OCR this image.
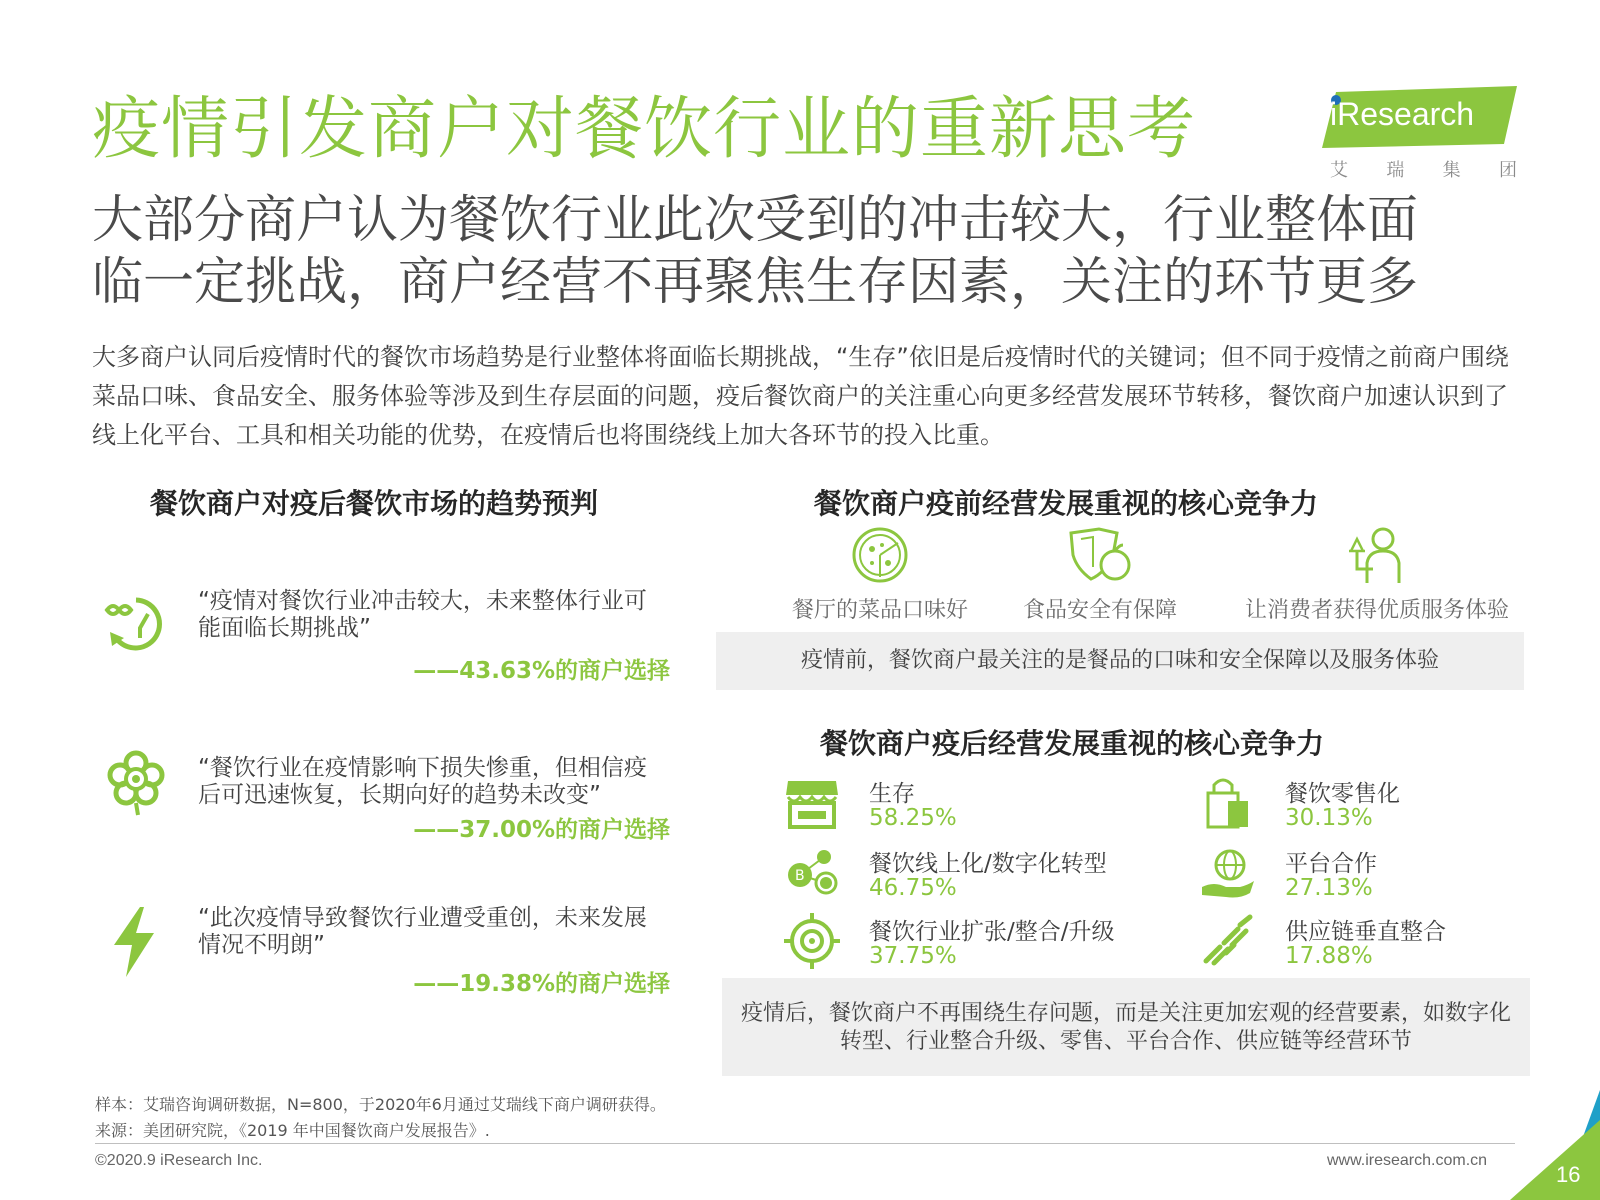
疫情引发商户对餐饮行业的重新思考	iResearch
艾 瑞 集 团
大部分商户认为餐饮行业此次受到的冲击较大，行业整体面
临一定挑战，商户经营不再聚焦生存因素，关注的环节更多
大多商户认同后疫情时代的餐饮市场趋势是行业整体将面临长期挑战，“生存”依旧是后疫情时代的关键词；但不同于疫情之前商户围绕菜品口味、食品安全、服务体验等涉及到生存层面的问题，疫后餐饮商户的关注重心向更多经营发展环节转移，餐饮商户加速认识到了线上化平台、工具和相关功能的优势，在疫情后也将围绕线上加大各环节的投入比重。
餐饮商户对疫后餐饮市场的趋势预判
“疫情对餐饮行业冲击较大，未来整体行业可能面临长期挑战”
——43.63%的商户选择
“餐饮行业在疫情影响下损失惨重，但相信疫后可迅速恢复，长期向好的趋势未改变”
——37.00%的商户选择
“此次疫情导致餐饮行业遭受重创，未来发展情况不明朗”
——19.38%的商户选择
餐饮商户疫前经营发展重视的核心竞争力
餐厅的菜品口味好	食品安全有保障	让消费者获得优质服务体验
疫情前，餐饮商户最关注的是餐品的口味和安全保障以及服务体验
餐饮商户疫后经营发展重视的核心竞争力
生存
58.25%
餐饮零售化
30.13%
B	餐饮线上化/数字化转型
46.75%
平台合作
27.13%
餐饮行业扩张/整合/升级
37.75%
供应链垂直整合
17.88%
疫情后，餐饮商户不再围绕生存问题，而是关注更加宏观的经营要素，如数字化转型、行业整合升级、零售、平台合作、供应链等经营环节
样本：艾瑞咨询调研数据，N=800，于2020年6月通过艾瑞线下商户调研获得。
来源：美团研究院，《2019 年中国餐饮商户发展报告》.
©2020.9 iResearch Inc.	www.iresearch.com.cn
16
